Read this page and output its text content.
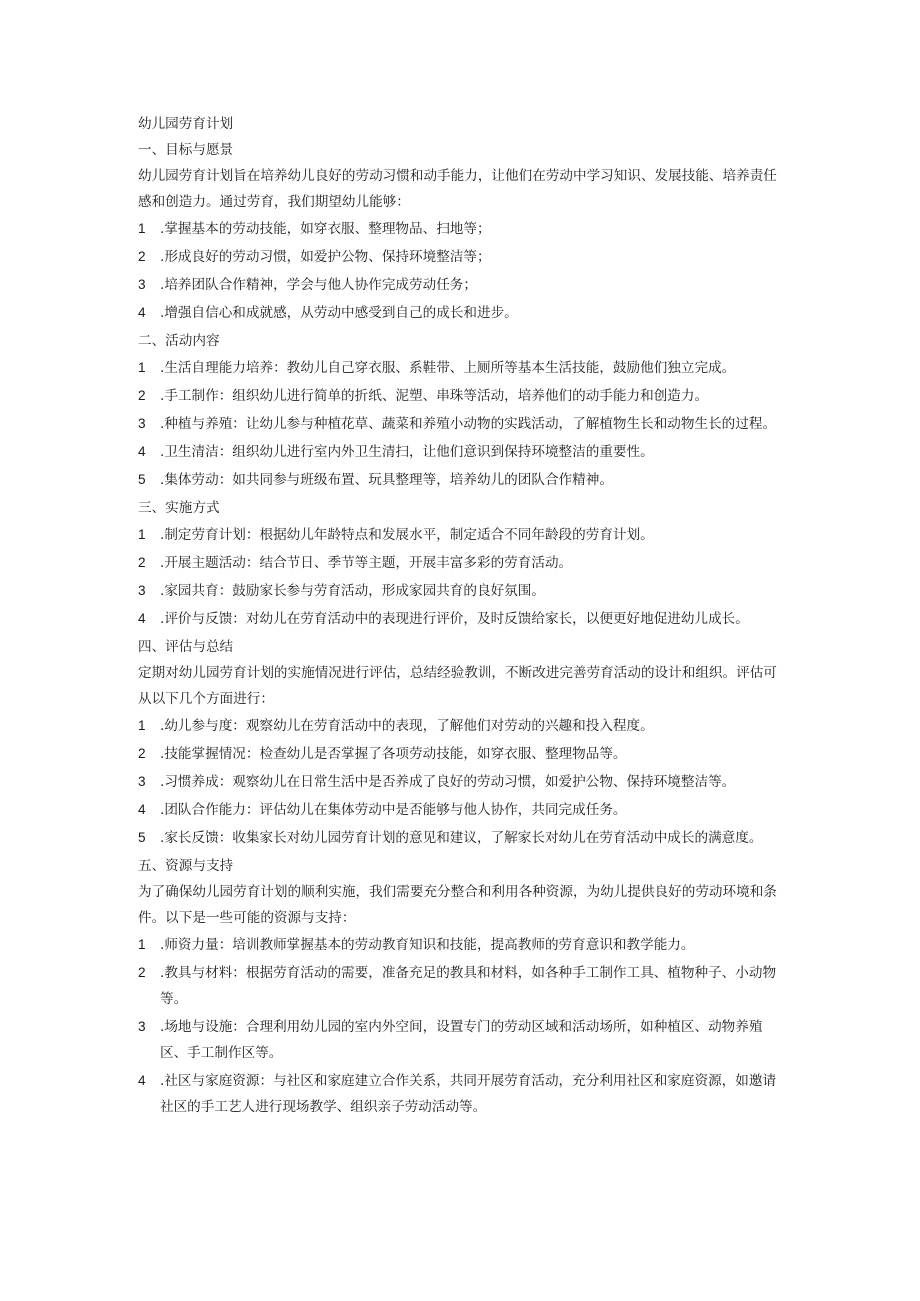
幼儿园劳育计划
一、目标与愿景
幼儿园劳育计划旨在培养幼儿良好的劳动习惯和动手能力，让他们在劳动中学习知识、发展技能、培养责任感和创造力。通过劳育，我们期望幼儿能够：
1	.掌握基本的劳动技能，如穿衣服、整理物品、扫地等；
2	.形成良好的劳动习惯，如爱护公物、保持环境整洁等；
3	.培养团队合作精神，学会与他人协作完成劳动任务；
4	.增强自信心和成就感，从劳动中感受到自己的成长和进步。
二、活动内容
1	.生活自理能力培养：教幼儿自己穿衣服、系鞋带、上厕所等基本生活技能，鼓励他们独立完成。
2	.手工制作：组织幼儿进行简单的折纸、泥塑、串珠等活动，培养他们的动手能力和创造力。
3	.种植与养殖：让幼儿参与种植花草、蔬菜和养殖小动物的实践活动，了解植物生长和动物生长的过程。
4	.卫生清洁：组织幼儿进行室内外卫生清扫，让他们意识到保持环境整洁的重要性。
5	.集体劳动：如共同参与班级布置、玩具整理等，培养幼儿的团队合作精神。
三、实施方式
1	.制定劳育计划：根据幼儿年龄特点和发展水平，制定适合不同年龄段的劳育计划。
2	.开展主题活动：结合节日、季节等主题，开展丰富多彩的劳育活动。
3	.家园共育：鼓励家长参与劳育活动，形成家园共育的良好氛围。
4	.评价与反馈：对幼儿在劳育活动中的表现进行评价，及时反馈给家长，以便更好地促进幼儿成长。
四、评估与总结
定期对幼儿园劳育计划的实施情况进行评估，总结经验教训，不断改进完善劳育活动的设计和组织。评估可从以下几个方面进行：
1	.幼儿参与度：观察幼儿在劳育活动中的表现，了解他们对劳动的兴趣和投入程度。
2	.技能掌握情况：检查幼儿是否掌握了各项劳动技能，如穿衣服、整理物品等。
3	.习惯养成：观察幼儿在日常生活中是否养成了良好的劳动习惯，如爱护公物、保持环境整洁等。
4	.团队合作能力：评估幼儿在集体劳动中是否能够与他人协作，共同完成任务。
5	.家长反馈：收集家长对幼儿园劳育计划的意见和建议，了解家长对幼儿在劳育活动中成长的满意度。
五、资源与支持
为了确保幼儿园劳育计划的顺利实施，我们需要充分整合和利用各种资源，为幼儿提供良好的劳动环境和条件。以下是一些可能的资源与支持：
1	.师资力量：培训教师掌握基本的劳动教育知识和技能，提高教师的劳育意识和教学能力。
2	.教具与材料：根据劳育活动的需要，准备充足的教具和材料，如各种手工制作工具、植物种子、小动物等。
3	.场地与设施：合理利用幼儿园的室内外空间，设置专门的劳动区域和活动场所，如种植区、动物养殖区、手工制作区等。
4	.社区与家庭资源：与社区和家庭建立合作关系，共同开展劳育活动，充分利用社区和家庭资源，如邀请社区的手工艺人进行现场教学、组织亲子劳动活动等。
